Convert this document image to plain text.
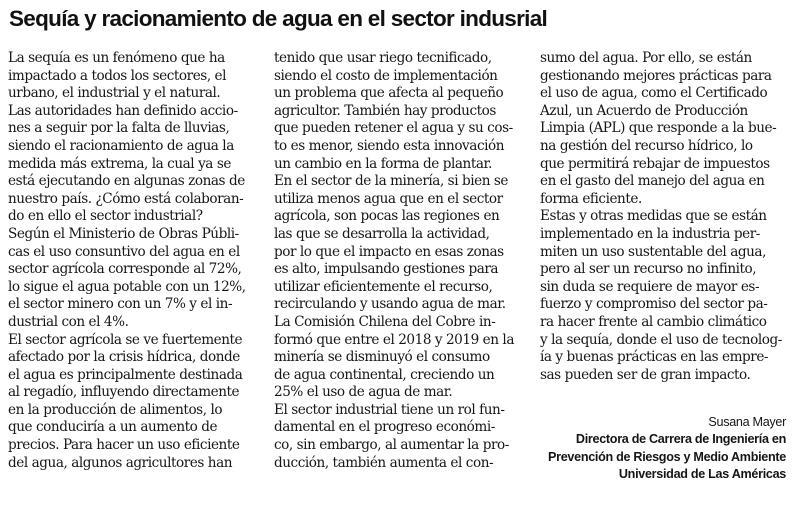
Sequía y racionamiento de agua en el sector indusrial
La sequía es un fenómeno que ha
impactado a todos los sectores, el
urbano, el industrial y el natural.
Las autoridades han definido accio-
nes a seguir por la falta de lluvias,
siendo el racionamiento de agua la
medida más extrema, la cual ya se
está ejecutando en algunas zonas de
nuestro país. ¿Cómo está colaboran-
do en ello el sector industrial?
Según el Ministerio de Obras Públi-
cas el uso consuntivo del agua en el
sector agrícola corresponde al 72%,
lo sigue el agua potable con un 12%,
el sector minero con un 7% y el in-
dustrial con el 4%.
El sector agrícola se ve fuertemente
afectado por la crisis hídrica, donde
el agua es principalmente destinada
al regadío, influyendo directamente
en la producción de alimentos, lo
que conduciría a un aumento de
precios. Para hacer un uso eficiente
del agua, algunos agricultores han
tenido que usar riego tecnificado,
siendo el costo de implementación
un problema que afecta al pequeño
agricultor. También hay productos
que pueden retener el agua y su cos-
to es menor, siendo esta innovación
un cambio en la forma de plantar.
En el sector de la minería, si bien se
utiliza menos agua que en el sector
agrícola, son pocas las regiones en
las que se desarrolla la actividad,
por lo que el impacto en esas zonas
es alto, impulsando gestiones para
utilizar eficientemente el recurso,
recirculando y usando agua de mar.
La Comisión Chilena del Cobre in-
formó que entre el 2018 y 2019 en la
minería se disminuyó el consumo
de agua continental, creciendo un
25% el uso de agua de mar.
El sector industrial tiene un rol fun-
damental en el progreso económi-
co, sin embargo, al aumentar la pro-
ducción, también aumenta el con-
sumo del agua. Por ello, se están
gestionando mejores prácticas para
el uso de agua, como el Certificado
Azul, un Acuerdo de Producción
Limpia (APL) que responde a la bue-
na gestión del recurso hídrico, lo
que permitirá rebajar de impuestos
en el gasto del manejo del agua en
forma eficiente.
Estas y otras medidas que se están
implementado en la industria per-
miten un uso sustentable del agua,
pero al ser un recurso no infinito,
sin duda se requiere de mayor es-
fuerzo y compromiso del sector pa-
ra hacer frente al cambio climático
y la sequía, donde el uso de tecnolog-
ía y buenas prácticas en las empre-
sas pueden ser de gran impacto.
Susana Mayer
Directora de Carrera de Ingeniería en
Prevención de Riesgos y Medio Ambiente
Universidad de Las Américas
